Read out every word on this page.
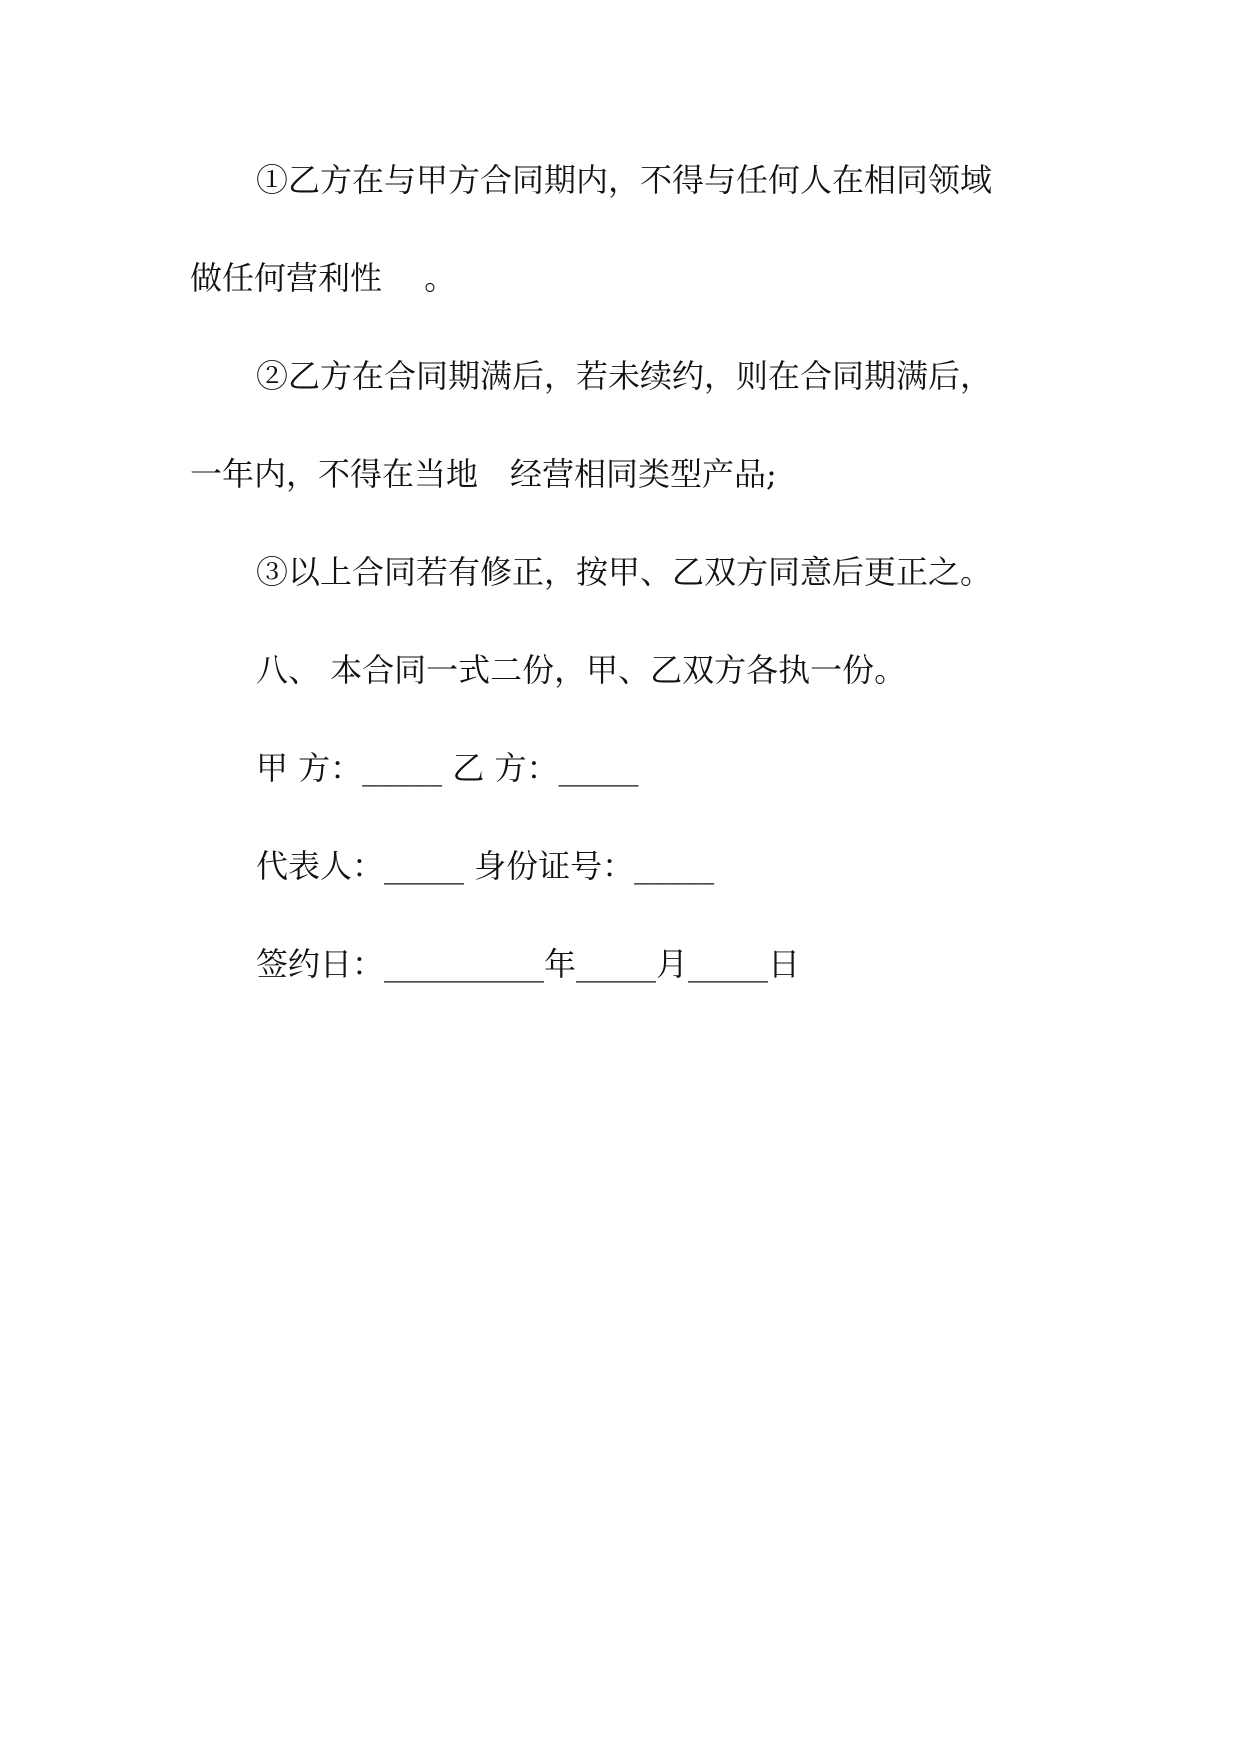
①乙方在与甲方合同期内，不得与任何人在相同领域

做任何营利性　 。

②乙方在合同期满后，若未续约，则在合同期满后，

一年内，不得在当地　经营相同类型产品;

③以上合同若有修正，按甲、乙双方同意后更正之。

八、 本合同一式二份，甲、乙双方各执一份。

甲 方：_____ 乙 方：_____

代表人：_____ 身份证号：_____

签约日：__________年_____月_____日
